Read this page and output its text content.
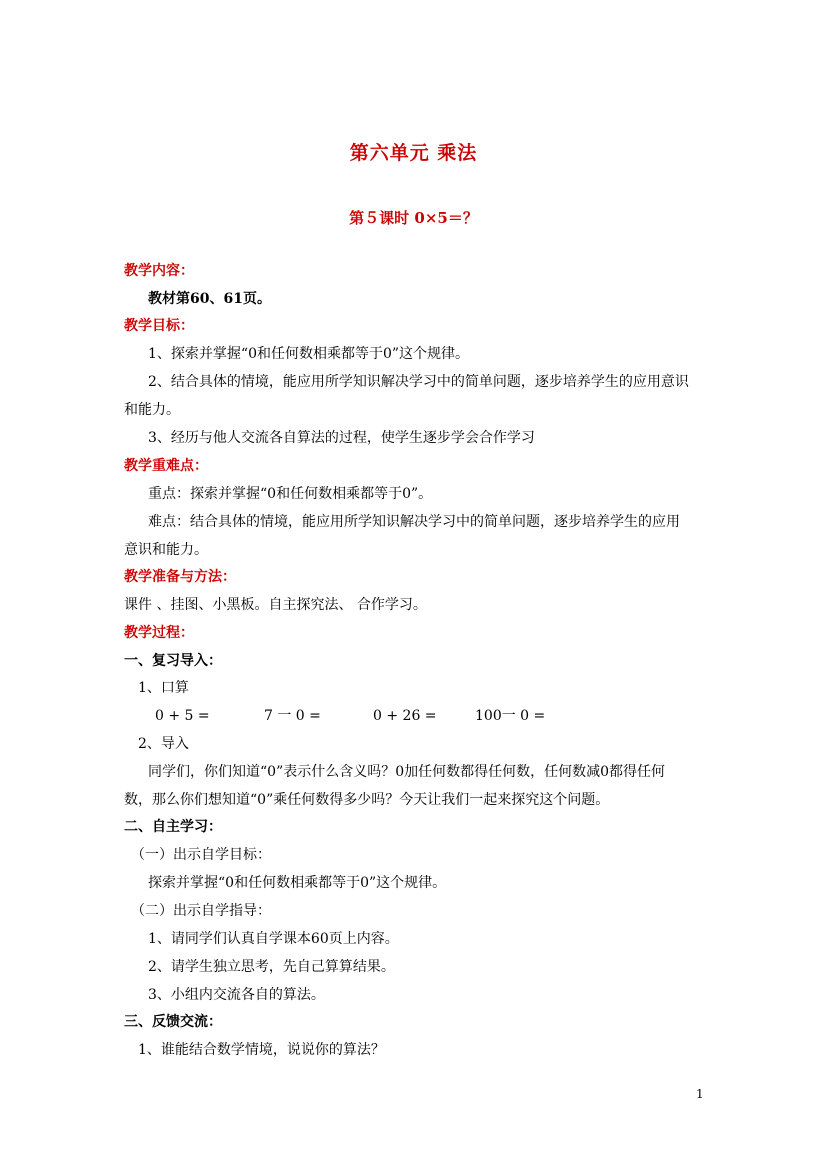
第六单元 乘法
第５课时 0×5＝？
教学内容：
教材第60、61页。
教学目标：
1、探索并掌握“0和任何数相乘都等于0”这个规律。
2、结合具体的情境，能应用所学知识解决学习中的简单问题，逐步培养学生的应用意识
和能力。
3、经历与他人交流各自算法的过程，使学生逐步学会合作学习
教学重难点：
重点：探索并掌握“0和任何数相乘都等于0”。
难点：结合具体的情境，能应用所学知识解决学习中的简单问题，逐步培养学生的应用
意识和能力。
教学准备与方法：
课件 、挂图、小黑板。自主探究法、 合作学习。
教学过程：
一、复习导入：
1、口算
0 + 5 =	7 一 0 =	0 + 26 =	100一 0 =
2、导入
同学们，你们知道“0”表示什么含义吗？0加任何数都得任何数，任何数减0都得任何
数，那么你们想知道“0”乘任何数得多少吗？今天让我们一起来探究这个问题。
二、自主学习：
（一）出示自学目标：
探索并掌握“0和任何数相乘都等于0”这个规律。
（二）出示自学指导：
1、请同学们认真自学课本60页上内容。
2、请学生独立思考，先自己算算结果。
3、小组内交流各自的算法。
三、反馈交流：
1、谁能结合数学情境，说说你的算法？
1
